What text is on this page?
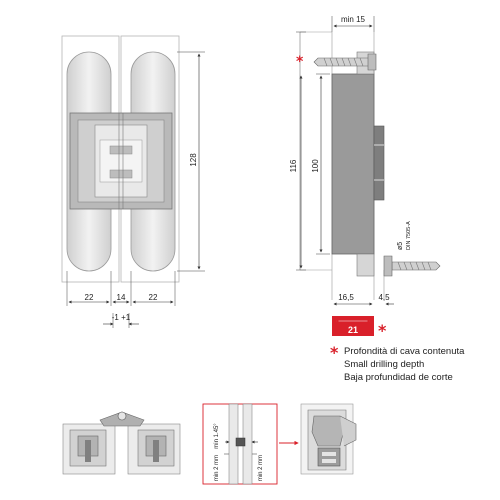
128
22	14	22
-1 +1
ø5 DIN 7505-A
min 15
*
116 100
16,5	4,5
21 *
min 1.45°
min 2 mm	min 2 mm
* Profondità di cava contenuta
Small drilling depth
Baja profundidad de corte
